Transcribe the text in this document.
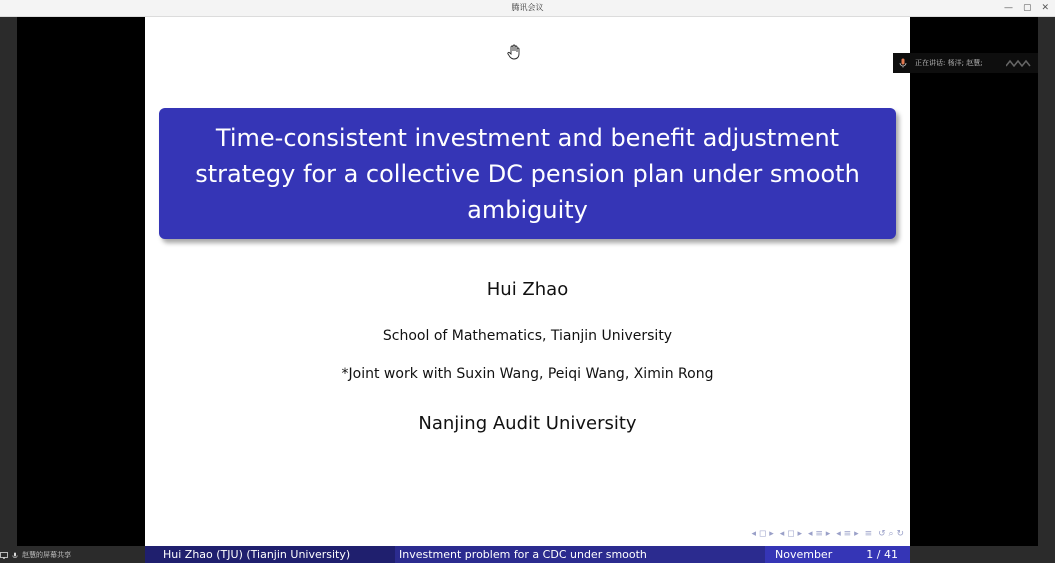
腾讯会议	— ▢ ✕
Time-consistent investment and benefit adjustment
strategy for a collective DC pension plan under smooth
ambiguity
Hui Zhao
School of Mathematics, Tianjin University
*Joint work with Suxin Wang, Peiqi Wang, Ximin Rong
Nanjing Audit University
◂ ◻ ▸ ◂ ◻ ▸ ◂ ≡ ▸ ◂ ≡ ▸ ≡ ↺ ⌕ ↻
Hui Zhao (TJU) (Tianjin University)	Investment problem for a CDC under smooth	November	1 / 41
正在讲话: 杨洋; 赵慧;
赵慧的屏幕共享
